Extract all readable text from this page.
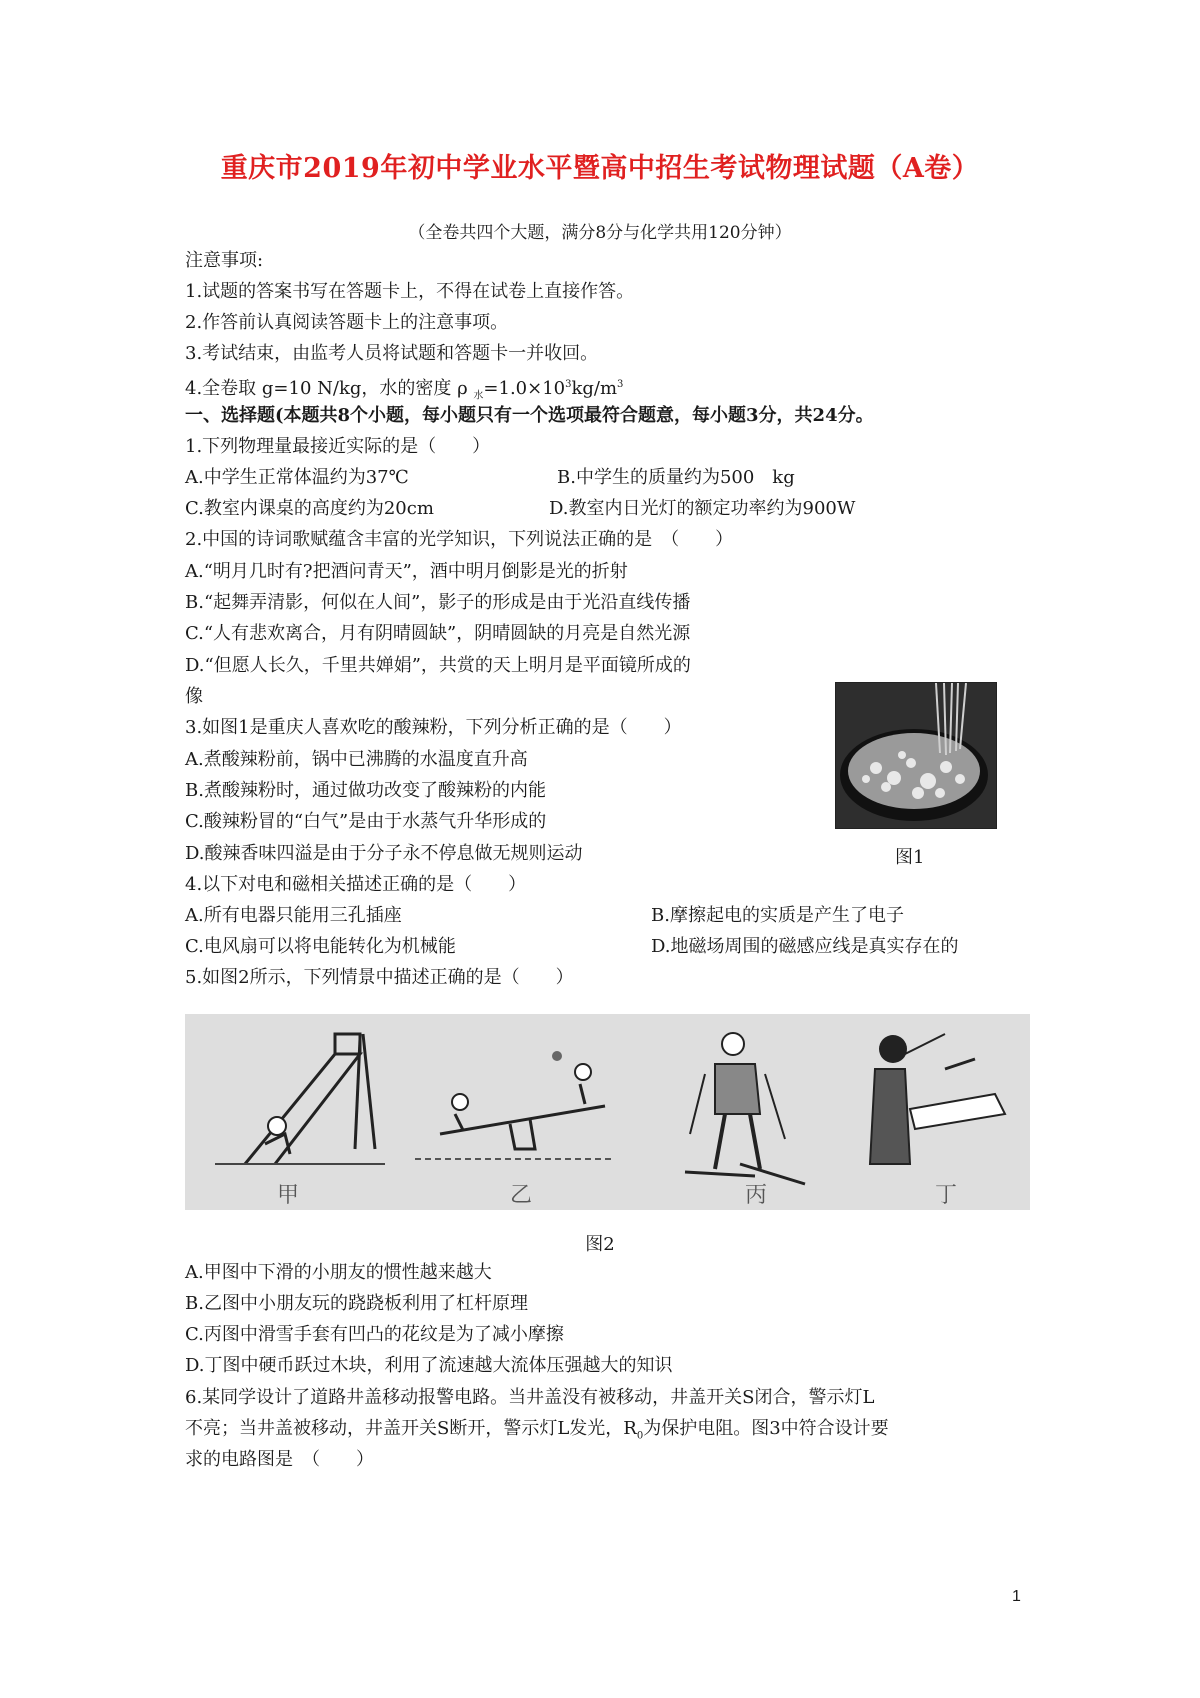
重庆市2019年初中学业水平暨高中招生考试物理试题（A卷）
（全卷共四个大题，满分8分与化学共用120分钟）
注意事项:
1.试题的答案书写在答题卡上，不得在试卷上直接作答。
2.作答前认真阅读答题卡上的注意事项。
3.考试结束，由监考人员将试题和答题卡一并收回。
4.全卷取 g=10 N/kg，水的密度 ρ $_水=1.0\times 10^3kg/m^3$
一、选择题(本题共8个小题，每小题只有一个选项最符合题意，每小题3分，共24分。
1.下列物理量最接近实际的是（　　）
A.中学生正常体温约为37℃	B.中学生的质量约为500　kg
C.教室内课桌的高度约为20cm	D.教室内日光灯的额定功率约为900W
2.中国的诗词歌赋蕴含丰富的光学知识，下列说法正确的是　（　　）
A.“明月几时有?把酒问青天”，酒中明月倒影是光的折射
B.“起舞弄清影，何似在人间”，影子的形成是由于光沿直线传播
C.“人有悲欢离合，月有阴晴圆缺”，阴晴圆缺的月亮是自然光源
D.“但愿人长久，千里共婵娟”，共赏的天上明月是平面镜所成的
像
图1
3.如图1是重庆人喜欢吃的酸辣粉，下列分析正确的是（　　）
A.煮酸辣粉前，锅中已沸腾的水温度直升高
B.煮酸辣粉时，通过做功改变了酸辣粉的内能
C.酸辣粉冒的“白气”是由于水蒸气升华形成的
D.酸辣香味四溢是由于分子永不停息做无规则运动
4.以下对电和磁相关描述正确的是（　　）
A.所有电器只能用三孔插座	B.摩擦起电的实质是产生了电子
C.电风扇可以将电能转化为机械能	D.地磁场周围的磁感应线是真实存在的
5.如图2所示，下列情景中描述正确的是（　　）
甲	乙	丙	丁
图2
A.甲图中下滑的小朋友的惯性越来越大
B.乙图中小朋友玩的跷跷板利用了杠杆原理
C.丙图中滑雪手套有凹凸的花纹是为了减小摩擦
D.丁图中硬币跃过木块，利用了流速越大流体压强越大的知识
6.某同学设计了道路井盖移动报警电路。当井盖没有被移动，井盖开关S闭合，警示灯L
不亮；当井盖被移动，井盖开关S断开，警示灯L发光，$R_0$为保护电阻。图3中符合设计要
求的电路图是　（　　）
1
